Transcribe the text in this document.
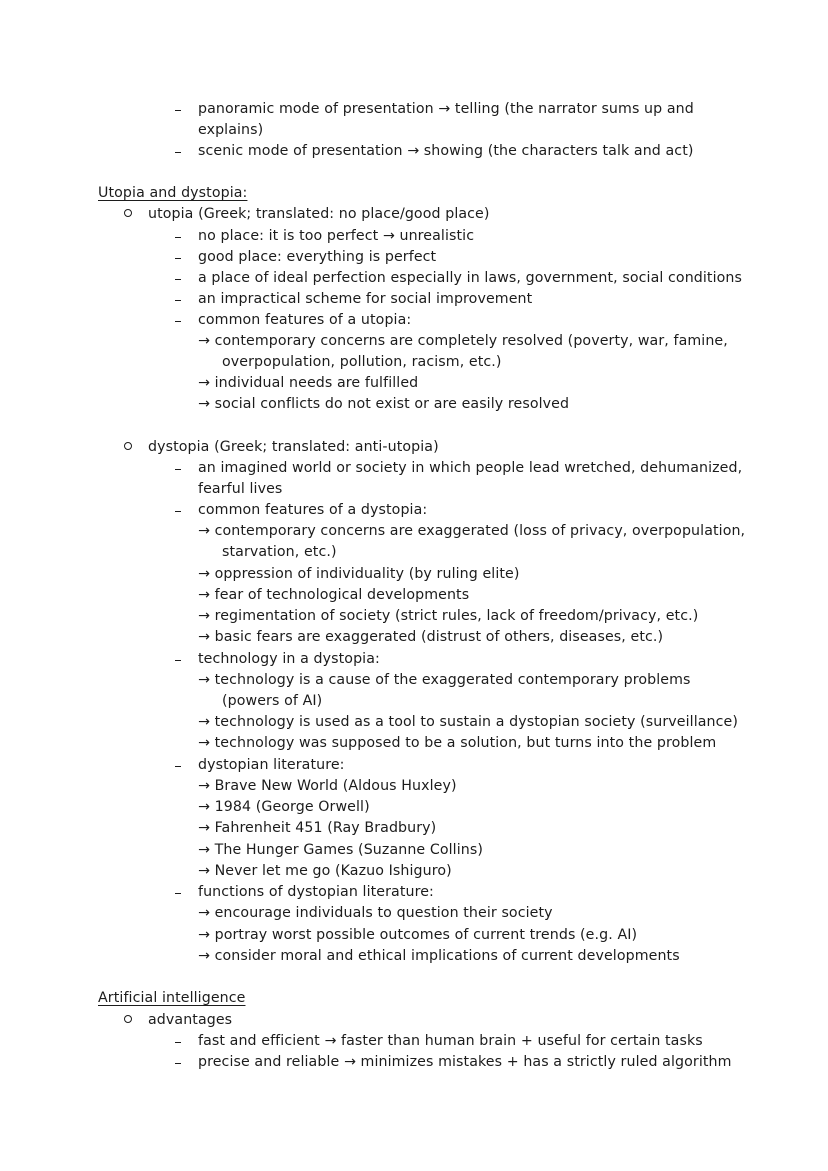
panoramic mode of presentation → telling (the narrator sums up and
explains)
scenic mode of presentation → showing (the characters talk and act)
Utopia and dystopia:
utopia (Greek; translated: no place/good place)
no place: it is too perfect → unrealistic
good place: everything is perfect
a place of ideal perfection especially in laws, government, social conditions
an impractical scheme for social improvement
common features of a utopia:
→ contemporary concerns are completely resolved (poverty, war, famine,
overpopulation, pollution, racism, etc.)
→ individual needs are fulfilled
→ social conflicts do not exist or are easily resolved
dystopia (Greek; translated: anti-utopia)
an imagined world or society in which people lead wretched, dehumanized,
fearful lives
common features of a dystopia:
→ contemporary concerns are exaggerated (loss of privacy, overpopulation,
starvation, etc.)
→ oppression of individuality (by ruling elite)
→ fear of technological developments
→ regimentation of society (strict rules, lack of freedom/privacy, etc.)
→ basic fears are exaggerated (distrust of others, diseases, etc.)
technology in a dystopia:
→ technology is a cause of the exaggerated contemporary problems
(powers of AI)
→ technology is used as a tool to sustain a dystopian society (surveillance)
→ technology was supposed to be a solution, but turns into the problem
dystopian literature:
→ Brave New World (Aldous Huxley)
→ 1984 (George Orwell)
→ Fahrenheit 451 (Ray Bradbury)
→ The Hunger Games (Suzanne Collins)
→ Never let me go (Kazuo Ishiguro)
functions of dystopian literature:
→ encourage individuals to question their society
→ portray worst possible outcomes of current trends (e.g. AI)
→ consider moral and ethical implications of current developments
Artificial intelligence
advantages
fast and efficient → faster than human brain + useful for certain tasks
precise and reliable → minimizes mistakes + has a strictly ruled algorithm
